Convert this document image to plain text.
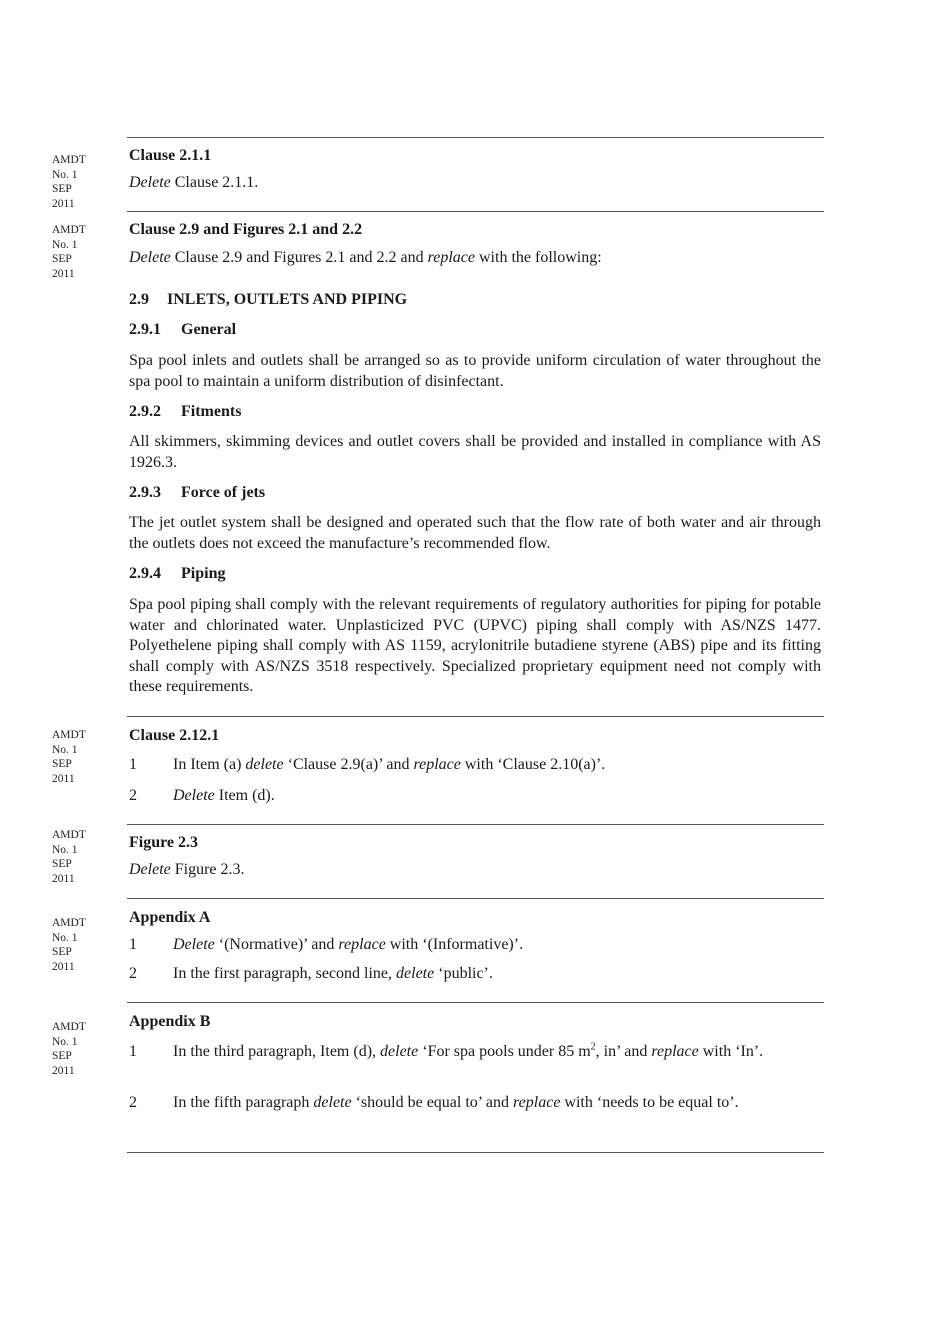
AMDT
No. 1
SEP
2011
AMDT
No. 1
SEP
2011
AMDT
No. 1
SEP
2011
AMDT
No. 1
SEP
2011
AMDT
No. 1
SEP
2011
AMDT
No. 1
SEP
2011
Clause 2.1.1
Delete Clause 2.1.1.
Clause 2.9 and Figures 2.1 and 2.2
Delete Clause 2.9 and Figures 2.1 and 2.2 and replace with the following:
2.9 INLETS, OUTLETS AND PIPING
2.9.1 General
Spa pool inlets and outlets shall be arranged so as to provide uniform circulation of water throughout the spa pool to maintain a uniform distribution of disinfectant.
2.9.2 Fitments
All skimmers, skimming devices and outlet covers shall be provided and installed in compliance with AS 1926.3.
2.9.3 Force of jets
The jet outlet system shall be designed and operated such that the flow rate of both water and air through the outlets does not exceed the manufacture’s recommended flow.
2.9.4 Piping
Spa pool piping shall comply with the relevant requirements of regulatory authorities for piping for potable water and chlorinated water. Unplasticized PVC (UPVC) piping shall comply with AS/NZS 1477. Polyethelene piping shall comply with AS 1159, acrylonitrile butadiene styrene (ABS) pipe and its fitting shall comply with AS/NZS 3518 respectively. Specialized proprietary equipment need not comply with these requirements.
Clause 2.12.1
1 In Item (a) delete ‘Clause 2.9(a)’ and replace with ‘Clause 2.10(a)’.
2 Delete Item (d).
Figure 2.3
Delete Figure 2.3.
Appendix A
1 Delete ‘(Normative)’ and replace with ‘(Informative)’.
2 In the first paragraph, second line, delete ‘public’.
Appendix B
1 In the third paragraph, Item (d), delete ‘For spa pools under 85 $m^2$, in’ and replace with ‘In’.
2 In the fifth paragraph delete ‘should be equal to’ and replace with ‘needs to be equal to’.
